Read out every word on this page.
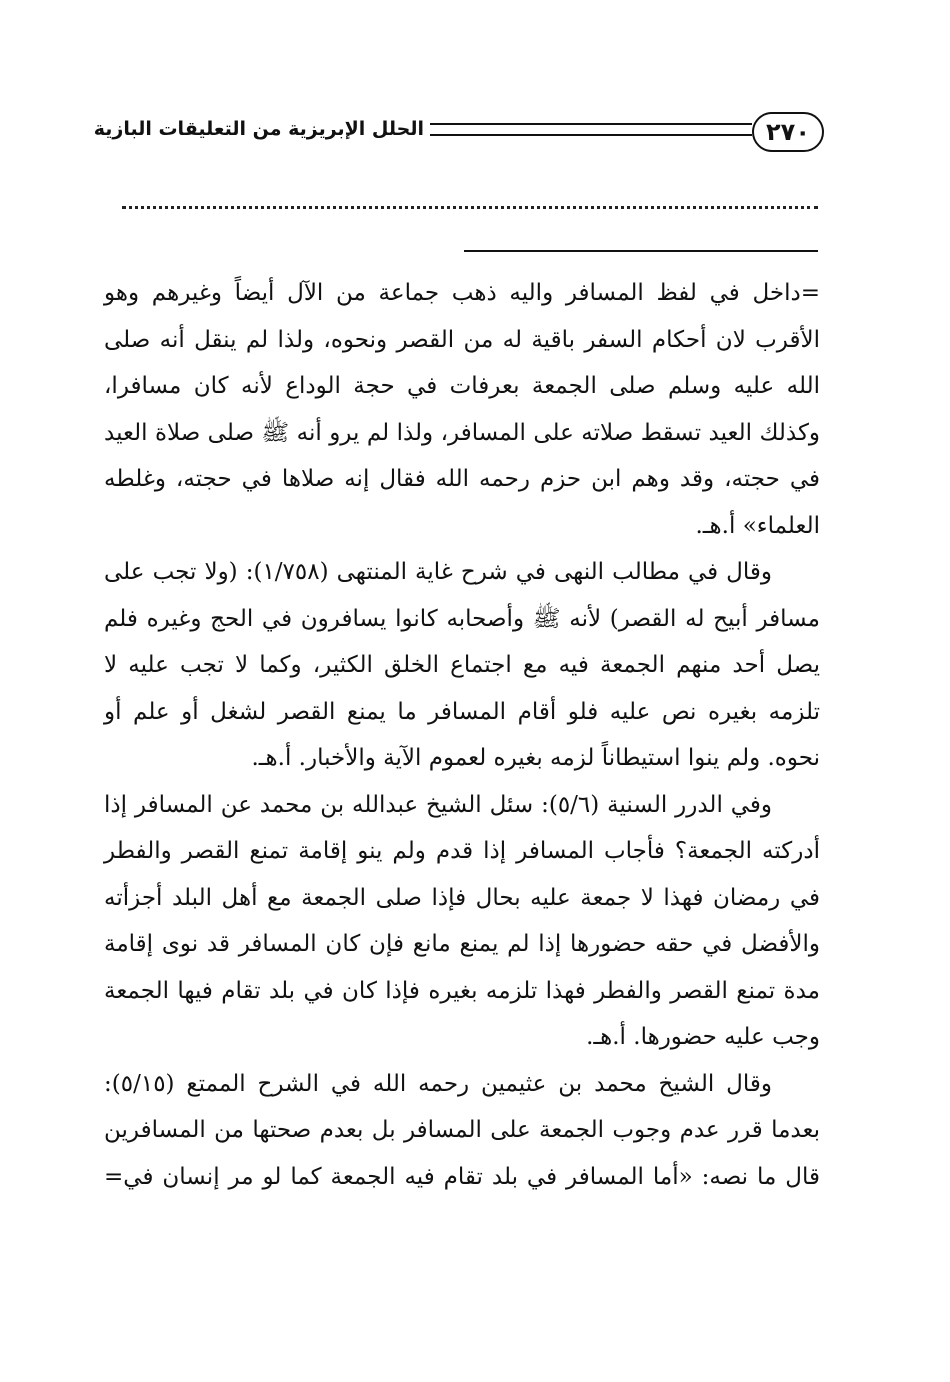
٢٧٠
الحلل الإبريزية من التعليقات البازية

=داخل في لفظ المسافر واليه ذهب جماعة من الآل أيضاً وغيرهم وهو الأقرب لان أحكام السفر باقية له من القصر ونحوه، ولذا لم ينقل أنه صلى الله عليه وسلم صلى الجمعة بعرفات في حجة الوداع لأنه كان مسافرا، وكذلك العيد تسقط صلاته على المسافر، ولذا لم يرو أنه ﷺ صلى صلاة العيد في حجته، وقد وهم ابن حزم رحمه الله فقال إنه صلاها في حجته، وغلطه العلماء» أ.هـ.

وقال في مطالب النهى في شرح غاية المنتهى (١/٧٥٨): (ولا تجب على مسافر أبيح له القصر) لأنه ﷺ وأصحابه كانوا يسافرون في الحج وغيره فلم يصل أحد منهم الجمعة فيه مع اجتماع الخلق الكثير، وكما لا تجب عليه لا تلزمه بغيره نص عليه فلو أقام المسافر ما يمنع القصر لشغل أو علم أو نحوه. ولم ينوا استيطاناً لزمه بغيره لعموم الآية والأخبار. أ.هـ.

وفي الدرر السنية (٥/٦): سئل الشيخ عبدالله بن محمد عن المسافر إذا أدركته الجمعة؟ فأجاب المسافر إذا قدم ولم ينو إقامة تمنع القصر والفطر في رمضان فهذا لا جمعة عليه بحال فإذا صلى الجمعة مع أهل البلد أجزأته والأفضل في حقه حضورها إذا لم يمنع مانع فإن كان المسافر قد نوى إقامة مدة تمنع القصر والفطر فهذا تلزمه بغيره فإذا كان في بلد تقام فيها الجمعة وجب عليه حضورها. أ.هـ.

وقال الشيخ محمد بن عثيمين رحمه الله في الشرح الممتع (٥/١٥): بعدما قرر عدم وجوب الجمعة على المسافر بل بعدم صحتها من المسافرين قال ما نصه: «أما المسافر في بلد تقام فيه الجمعة كما لو مر إنسان في=
